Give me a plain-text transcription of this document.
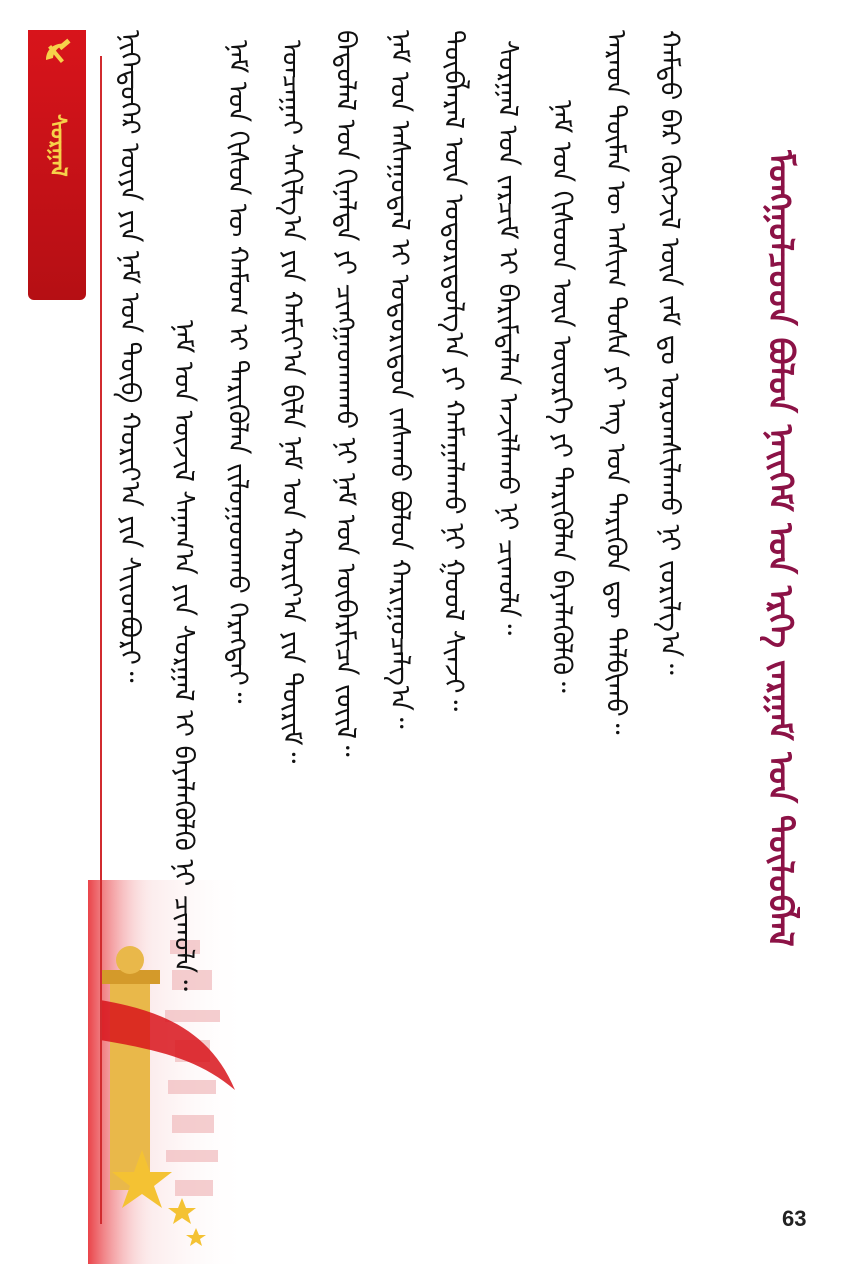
ᠰᠤᠷᠭᠠᠯ ᠨᠢᠭᠡᠳᠦᠭᠡᠷ ᠦᠶᠡ ᠶᠢᠨ ᠨᠠᠮ ᠤᠨ ᠲᠥᠪ ᠬᠣᠷᠢᠶ᠎ᠠ ᠶᠢᠨ ᠰᠢᠢᠳᠪᠦᠷᠢ᠃ ᠨᠠᠮ ᠤᠨ ᠦᠵᠢᠯ ᠰᠠᠨᠠᠭ᠎ᠠ ᠶᠢᠨ ᠰᠤᠷᠭᠠᠯ ᠢ ᠪᠡᠶᠡᠯᠡᠭᠦᠯᠬᠦ ᠨᠢ ᠴᠢᠬᠤᠯᠠ᠃ ᠨᠠᠮ ᠤᠨ ᠭᠢᠰᠦᠨ ᠦ ᠬᠠᠮᠤᠭ ᠢ ᠲᠡᠷᠢᠭᠦᠯᠡᠨ ᠵᠢᠯᠤᠭᠣᠳᠬᠤ ᠬᠡᠷᠡᠭᠲᠡᠢ᠃ ᠣᠨᠴᠠᠭᠠᠢ ᠰᠠᠬᠢᠯᠭ᠎ᠠ ᠶᠢᠨ ᠬᠠᠮᠢᠶ᠎ᠠ ᠪᠢᠯᠡ ᠨᠠᠮ ᠤᠨ ᠬᠣᠷᠢᠶ᠎ᠠ ᠶᠢᠨ ᠳᠦᠷᠢᠮ᠃ ᠪᠠᠲᠤᠯᠠᠯ ᠤᠨ ᠬᠢᠨᠠᠯᠲᠠ ᠶᠢ ᠴᠢᠩᠭᠠᠳᠬᠠᠬᠤ ᠨᠢ ᠨᠠᠮ ᠤᠨ ᠥᠪᠡᠷᠮᠢᠴᠡ ᠵᠦᠢᠯ᠃ ᠨᠠᠮ ᠤᠨ ᠠᠰᠠᠭᠤᠳᠠᠯ ᠢ ᠤᠳᠤᠷᠢᠳᠤᠨ ᠵᠠᠰᠠᠬᠤ ᠪᠣᠯᠤᠨ ᠬᠠᠷᠢᠭᠤᠴᠠᠯᠭ᠎ᠠ᠃ ᠲᠥᠪᠯᠡᠷᠡᠯ ᠦᠨ ᠤᠳᠤᠷᠢᠳᠤᠯᠭ᠎ᠠ ᠶᠢ ᠬᠠᠮᠠᠭᠠᠯᠠᠬᠤ ᠨᠢ ᠭᠣᠣᠯ ᠰᠢᠨᠵᠢ᠃ ᠰᠤᠷᠭᠠᠯ ᠤᠨ ᠵᠠᠷᠴᠢᠮ ᠢ ᠪᠠᠷᠢᠮᠲᠠᠯᠠᠨ ᠠᠵᠢᠯᠯᠠᠬᠤ ᠨᠢ ᠴᠢᠬᠤᠯᠠ᠃ ᠨᠠᠮ ᠤᠨ ᠭᠢᠰᠦᠳ ᠦᠨ ᠦᠦᠷᠭᠡ ᠶᠢ ᠲᠡᠷᠢᠭᠦᠯᠡᠨ ᠪᠡᠶᠡᠯᠡᠭᠦᠯᠬᠦ᠃ ᠠᠷᠠᠳ ᠲᠦᠮᠡᠨ ᠦ ᠠᠰᠢᠭ ᠲᠤᠰᠠ ᠶᠢ ᠡᠩ ᠤᠨ ᠲᠡᠷᠢᠭᠦᠨ ᠳᠦ ᠲᠠᠯᠪᠢᠬᠤ᠃ ᠬᠠᠮᠲᠤ ᠪᠡᠷ ᠬᠥᠭᠵᠢᠯ ᠦᠨ ᠵᠠᠮ ᠳᠤ ᠤᠷᠤᠭᠰᠢᠯᠠᠬᠤ ᠨᠢ ᠵᠣᠷᠢᠯᠭ᠎ᠠ᠃ ᠮᠤᠩᠭᠤᠯᠴᠤᠳ ᠪᠣᠯᠤᠨ ᠨᠡᠢᠭᠡᠮ ᠤᠨ ᠡᠷᠬᠡ ᠵᠠᠷᠭᠠᠮ ᠤᠨ ᠲᠥᠯᠦᠪᠯᠡᠯ
63
